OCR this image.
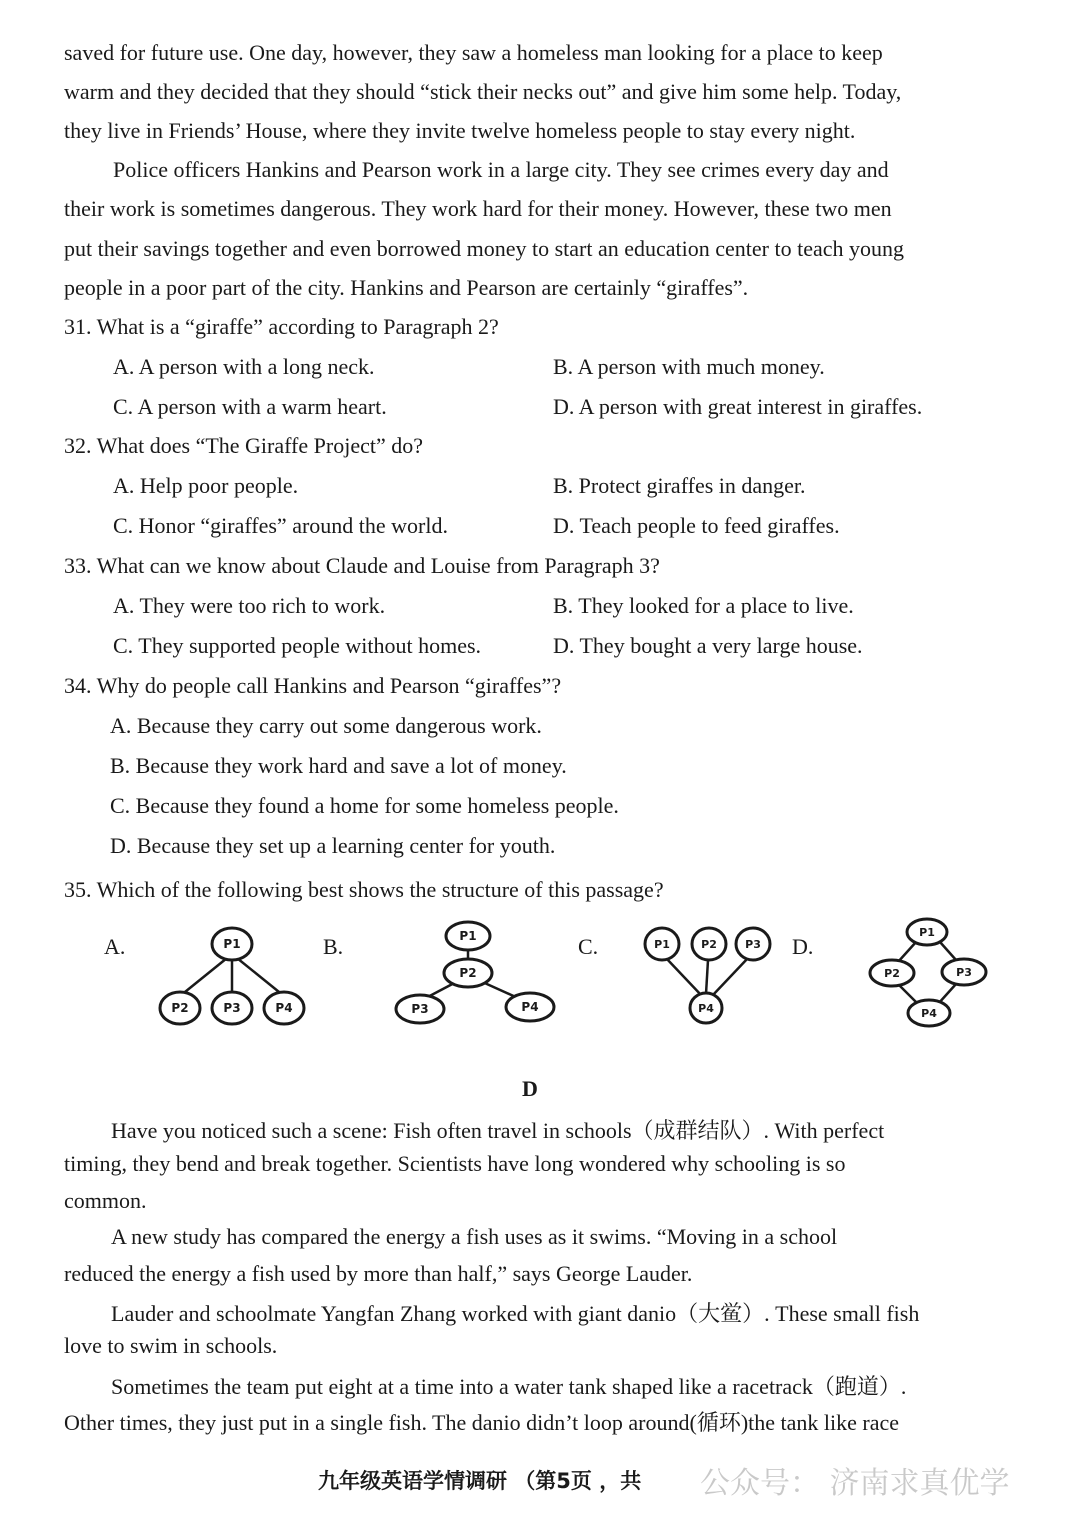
saved for future use. One day, however, they saw a homeless man looking for a place to keep

warm and they decided that they should “stick their necks out” and give him some help. Today,

they live in Friends’ House, where they invite twelve homeless people to stay every night.

Police officers Hankins and Pearson work in a large city. They see crimes every day and

their work is sometimes dangerous. They work hard for their money. However, these two men

put their savings together and even borrowed money to start an education center to teach young

people in a poor part of the city. Hankins and Pearson are certainly “giraffes”.

31. What is a “giraffe” according to Paragraph 2?

A. A person with a long neck.	B. A person with much money.

C. A person with a warm heart.	D. A person with great interest in giraffes.

32. What does “The Giraffe Project” do?

A. Help poor people.	B. Protect giraffes in danger.

C. Honor “giraffes” around the world.	D. Teach people to feed giraffes.

33. What can we know about Claude and Louise from Paragraph 3?

A. They were too rich to work.	B. They looked for a place to live.

C. They supported people without homes.	D. They bought a very large house.

34. Why do people call Hankins and Pearson “giraffes”?

A. Because they carry out some dangerous work.

B. Because they work hard and save a lot of money.

C. Because they found a home for some homeless people.

D. Because they set up a learning center for youth.

35. Which of the following best shows the structure of this passage?

A.	B.	C.	D.
P1
P2	P3	P4
P1
P2
P3	P4
P1	P2	P3
P4
P1
P2	P3
P4
D

Have you noticed such a scene: Fish often travel in schools（成群结队）. With perfect

timing, they bend and break together. Scientists have long wondered why schooling is so

common.

A new study has compared the energy a fish uses as it swims. “Moving in a school

reduced the energy a fish used by more than half,” says George Lauder.

Lauder and schoolmate Yangfan Zhang worked with giant danio（大鲎）. These small fish

love to swim in schools.

Sometimes the team put eight at a time into a water tank shaped like a racetrack（跑道）.

Other times, they just put in a single fish. The danio didn’t loop around(循环)the tank like race

九年级英语学情调研 （第5页 ，共 公众号： 济南求真优学
